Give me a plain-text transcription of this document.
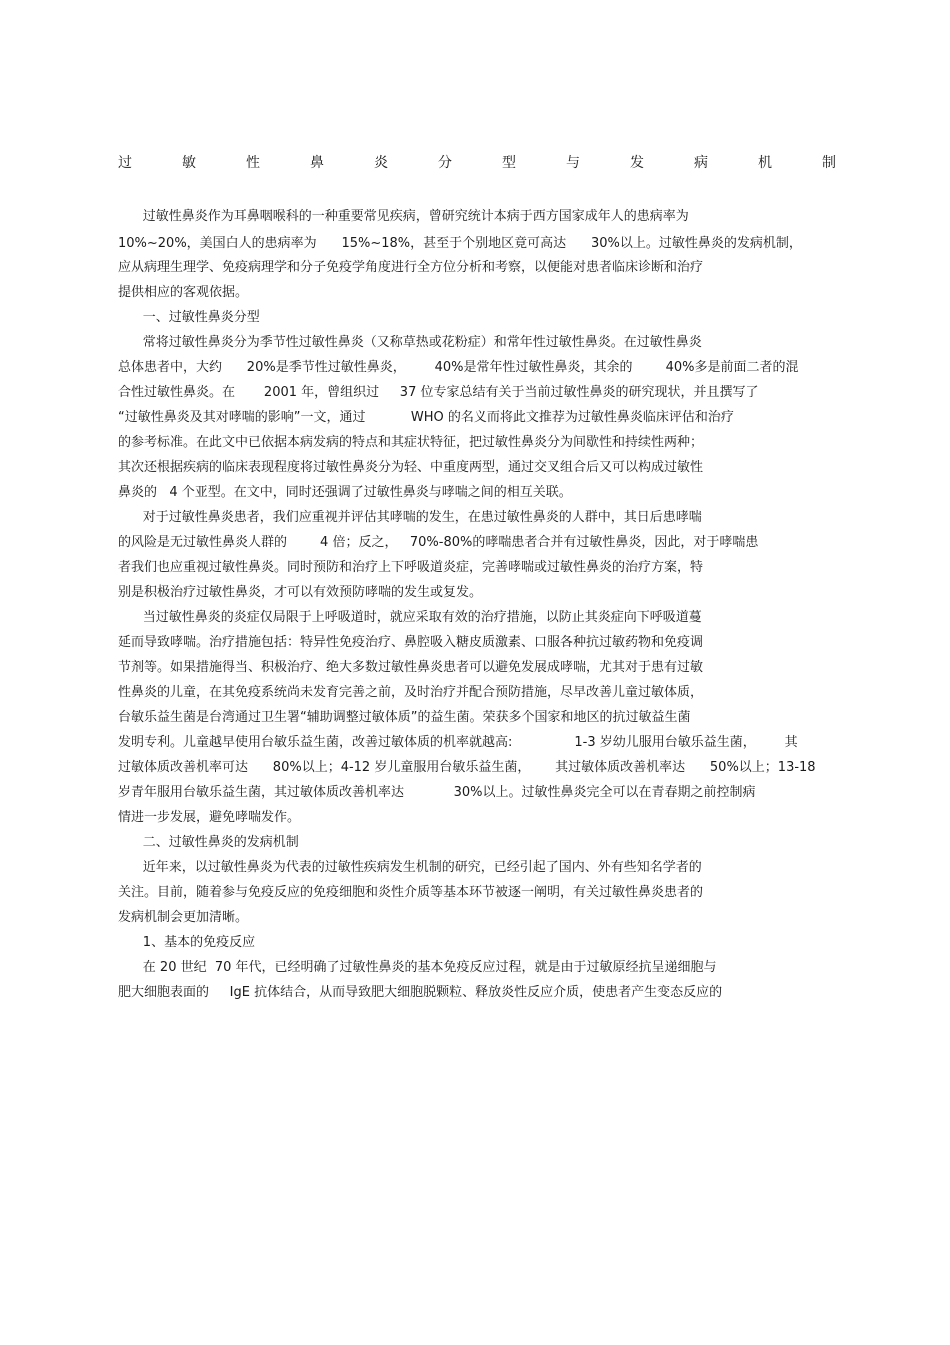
过	敏	性	鼻	炎	分	型	与	发	病	机	制
过敏性鼻炎作为耳鼻咽喉科的一种重要常见疾病，曾研究统计本病于西方国家成年人的患病率为
10%~20%，美国白人的患病率为      15%~18%，甚至于个别地区竟可高达      30%以上。过敏性鼻炎的发病机制，
应从病理生理学、免疫病理学和分子免疫学角度进行全方位分析和考察，以便能对患者临床诊断和治疗
提供相应的客观依据。
一、过敏性鼻炎分型
常将过敏性鼻炎分为季节性过敏性鼻炎（又称草热或花粉症）和常年性过敏性鼻炎。在过敏性鼻炎
总体患者中，大约      20%是季节性过敏性鼻炎，       40%是常年性过敏性鼻炎，其余的        40%多是前面二者的混
合性过敏性鼻炎。在       2001 年，曾组织过     37 位专家总结有关于当前过敏性鼻炎的研究现状，并且撰写了
“过敏性鼻炎及其对哮喘的影响”一文，通过           WHO 的名义而将此文推荐为过敏性鼻炎临床评估和治疗
的参考标准。在此文中已依据本病发病的特点和其症状特征，把过敏性鼻炎分为间歇性和持续性两种；
其次还根据疾病的临床表现程度将过敏性鼻炎分为轻、中重度两型，通过交叉组合后又可以构成过敏性
鼻炎的   4 个亚型。在文中，同时还强调了过敏性鼻炎与哮喘之间的相互关联。
对于过敏性鼻炎患者，我们应重视并评估其哮喘的发生，在患过敏性鼻炎的人群中，其日后患哮喘
的风险是无过敏性鼻炎人群的        4 倍；反之，   70%-80%的哮喘患者合并有过敏性鼻炎，因此，对于哮喘患
者我们也应重视过敏性鼻炎。同时预防和治疗上下呼吸道炎症，完善哮喘或过敏性鼻炎的治疗方案，特
别是积极治疗过敏性鼻炎，才可以有效预防哮喘的发生或复发。
当过敏性鼻炎的炎症仅局限于上呼吸道时，就应采取有效的治疗措施，以防止其炎症向下呼吸道蔓
延而导致哮喘。治疗措施包括：特异性免疫治疗、鼻腔吸入糖皮质激素、口服各种抗过敏药物和免疫调
节剂等。如果措施得当、积极治疗、绝大多数过敏性鼻炎患者可以避免发展成哮喘，尤其对于患有过敏
性鼻炎的儿童，在其免疫系统尚未发育完善之前，及时治疗并配合预防措施，尽早改善儿童过敏体质，
台敏乐益生菌是台湾通过卫生署“辅助调整过敏体质”的益生菌。荣获多个国家和地区的抗过敏益生菌
发明专利。儿童越早使用台敏乐益生菌，改善过敏体质的机率就越高:               1-3 岁幼儿服用台敏乐益生菌，       其
过敏体质改善机率可达      80%以上；4-12 岁儿童服用台敏乐益生菌，      其过敏体质改善机率达      50%以上；13-18
岁青年服用台敏乐益生菌，其过敏体质改善机率达            30%以上。过敏性鼻炎完全可以在青春期之前控制病
情进一步发展，避免哮喘发作。
二、过敏性鼻炎的发病机制
近年来，以过敏性鼻炎为代表的过敏性疾病发生机制的研究，已经引起了国内、外有些知名学者的
关注。目前，随着参与免疫反应的免疫细胞和炎性介质等基本环节被逐一阐明，有关过敏性鼻炎患者的
发病机制会更加清晰。
1、基本的免疫反应
在 20 世纪  70 年代，已经明确了过敏性鼻炎的基本免疫反应过程，就是由于过敏原经抗呈递细胞与
肥大细胞表面的     IgE 抗体结合，从而导致肥大细胞脱颗粒、释放炎性反应介质，使患者产生变态反应的
